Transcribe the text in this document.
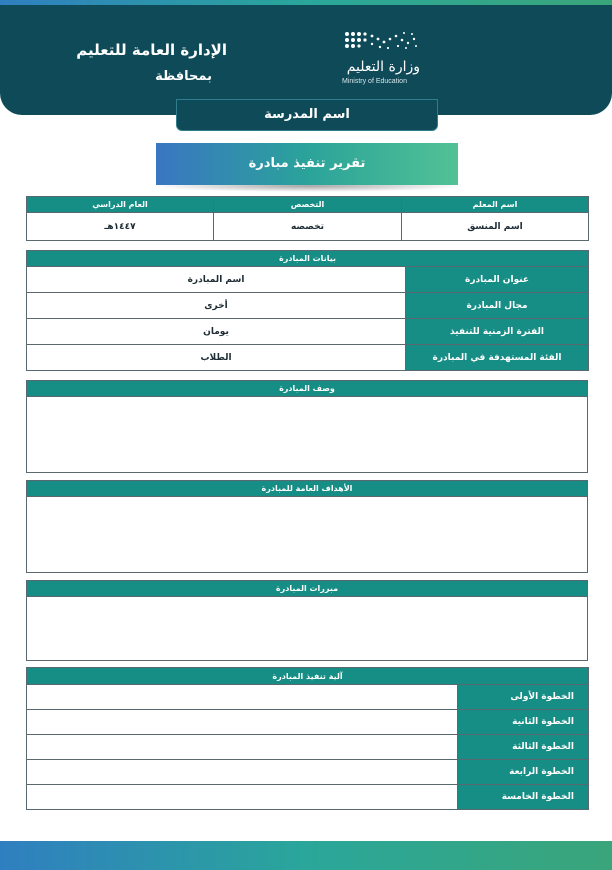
الإدارة العامة للتعليم
بمحافظة
وزارة التعليم
Ministry of Education
اسم المدرسة
تقرير تنفيذ مبادرة
اسم المعلم	التخصص	العام الدراسي
اسم المنسق	تخصصه	١٤٤٧هـ
بيانات المبادرة	
عنوان المبادرة	اسم المبادرة
مجال المبادرة	أخرى
الفترة الزمنية للتنفيذ	يومان
الفئة المستهدفة في المبادرة	الطلاب
وصف المبادرة

الأهداف العامة للمبادرة

مبررات المبادرة

آلية تنفيذ المبادرة	
الخطوة الأولى	
الخطوة الثانية	
الخطوة الثالثة	
الخطوة الرابعة	
الخطوة الخامسة	
